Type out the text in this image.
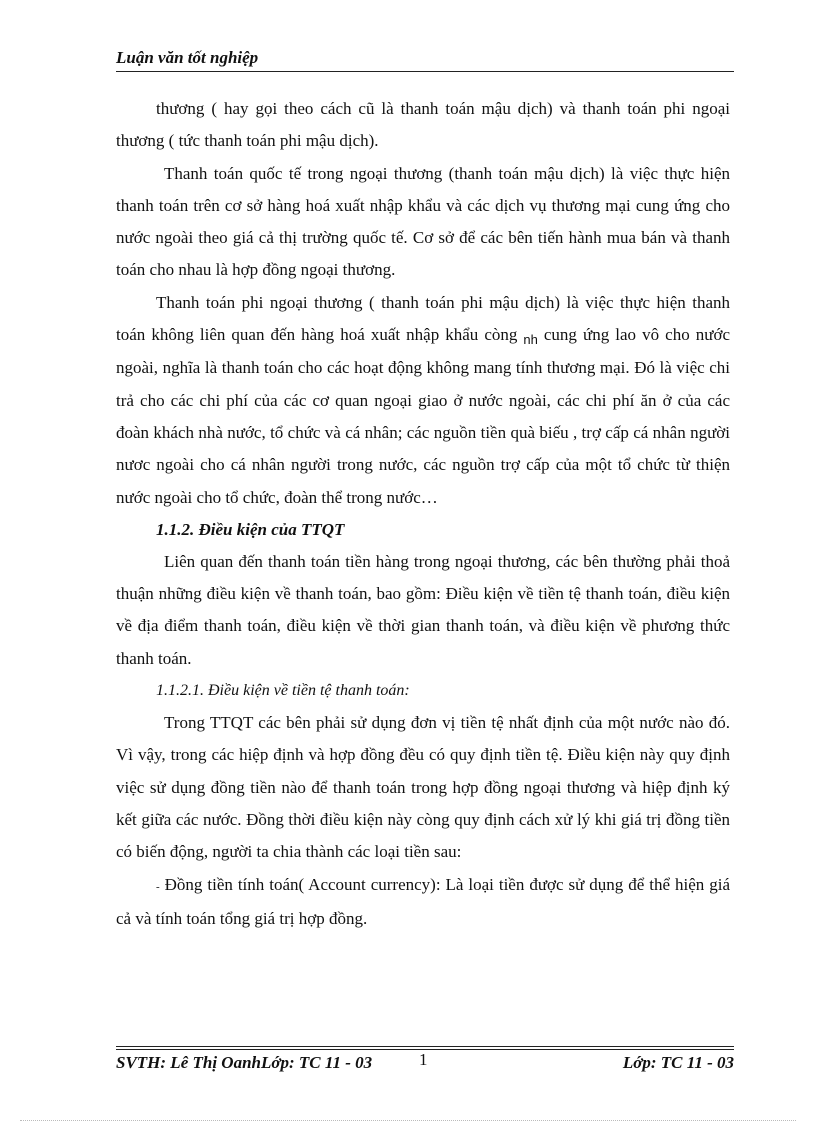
Luận văn tốt nghiệp

thương ( hay gọi theo cách cũ là thanh toán mậu dịch) và thanh toán phi ngoại thương ( tức thanh toán phi mậu dịch).

Thanh toán quốc tế trong ngoại thương (thanh toán mậu dịch) là việc thực hiện thanh toán trên cơ sở hàng hoá xuất nhập khẩu và các dịch vụ thương mại cung ứng cho nước ngoài theo giá cả thị trường quốc tế. Cơ sở để các bên tiến hành mua bán và thanh toán cho nhau là hợp đồng ngoại thương.

Thanh toán phi ngoại thương ( thanh toán phi mậu dịch) là việc thực hiện thanh toán không liên quan đến hàng hoá xuất nhập khẩu còng $_{nh}$ cung ứng lao vô cho nước ngoài, nghĩa là thanh toán cho các hoạt động không mang tính thương mại. Đó là việc chi trả cho các chi phí của các cơ quan ngoại giao ở nước ngoài, các chi phí ăn ở của các đoàn khách nhà nước, tổ chức và cá nhân; các nguồn tiền quà biếu , trợ cấp cá nhân người nươc ngoài cho cá nhân người trong nước, các nguồn trợ cấp của một tổ chức từ thiện nước ngoài cho tổ chức, đoàn thể trong nước…

1.1.2. Điều kiện của TTQT

Liên quan đến thanh toán tiền hàng trong ngoại thương, các bên thường phải thoả thuận những điều kiện về thanh toán, bao gồm: Điều kiện về tiền tệ thanh toán, điều kiện về địa điểm thanh toán, điều kiện về thời gian thanh toán, và điều kiện về phương thức thanh toán.

1.1.2.1. Điều kiện về tiền tệ thanh toán:

Trong TTQT các bên phải sử dụng đơn vị tiền tệ nhất định của một nước nào đó. Vì vậy, trong các hiệp định và hợp đồng đều có quy định tiền tệ. Điều kiện này quy định việc sử dụng đồng tiền nào để thanh toán trong hợp đồng ngoại thương và hiệp định ký kết giữa các nước. Đồng thời điều kiện này còng quy định cách xử lý khi giá trị đồng tiền có biến động, người ta chia thành các loại tiền sau:

- Đồng tiền tính toán( Account currency): Là loại tiền được sử dụng để thể hiện giá cả và tính toán tổng giá trị hợp đồng.

SVTH: Lê Thị OanhLớp: TC 11 - 03	1	Lớp: TC 11 - 03
